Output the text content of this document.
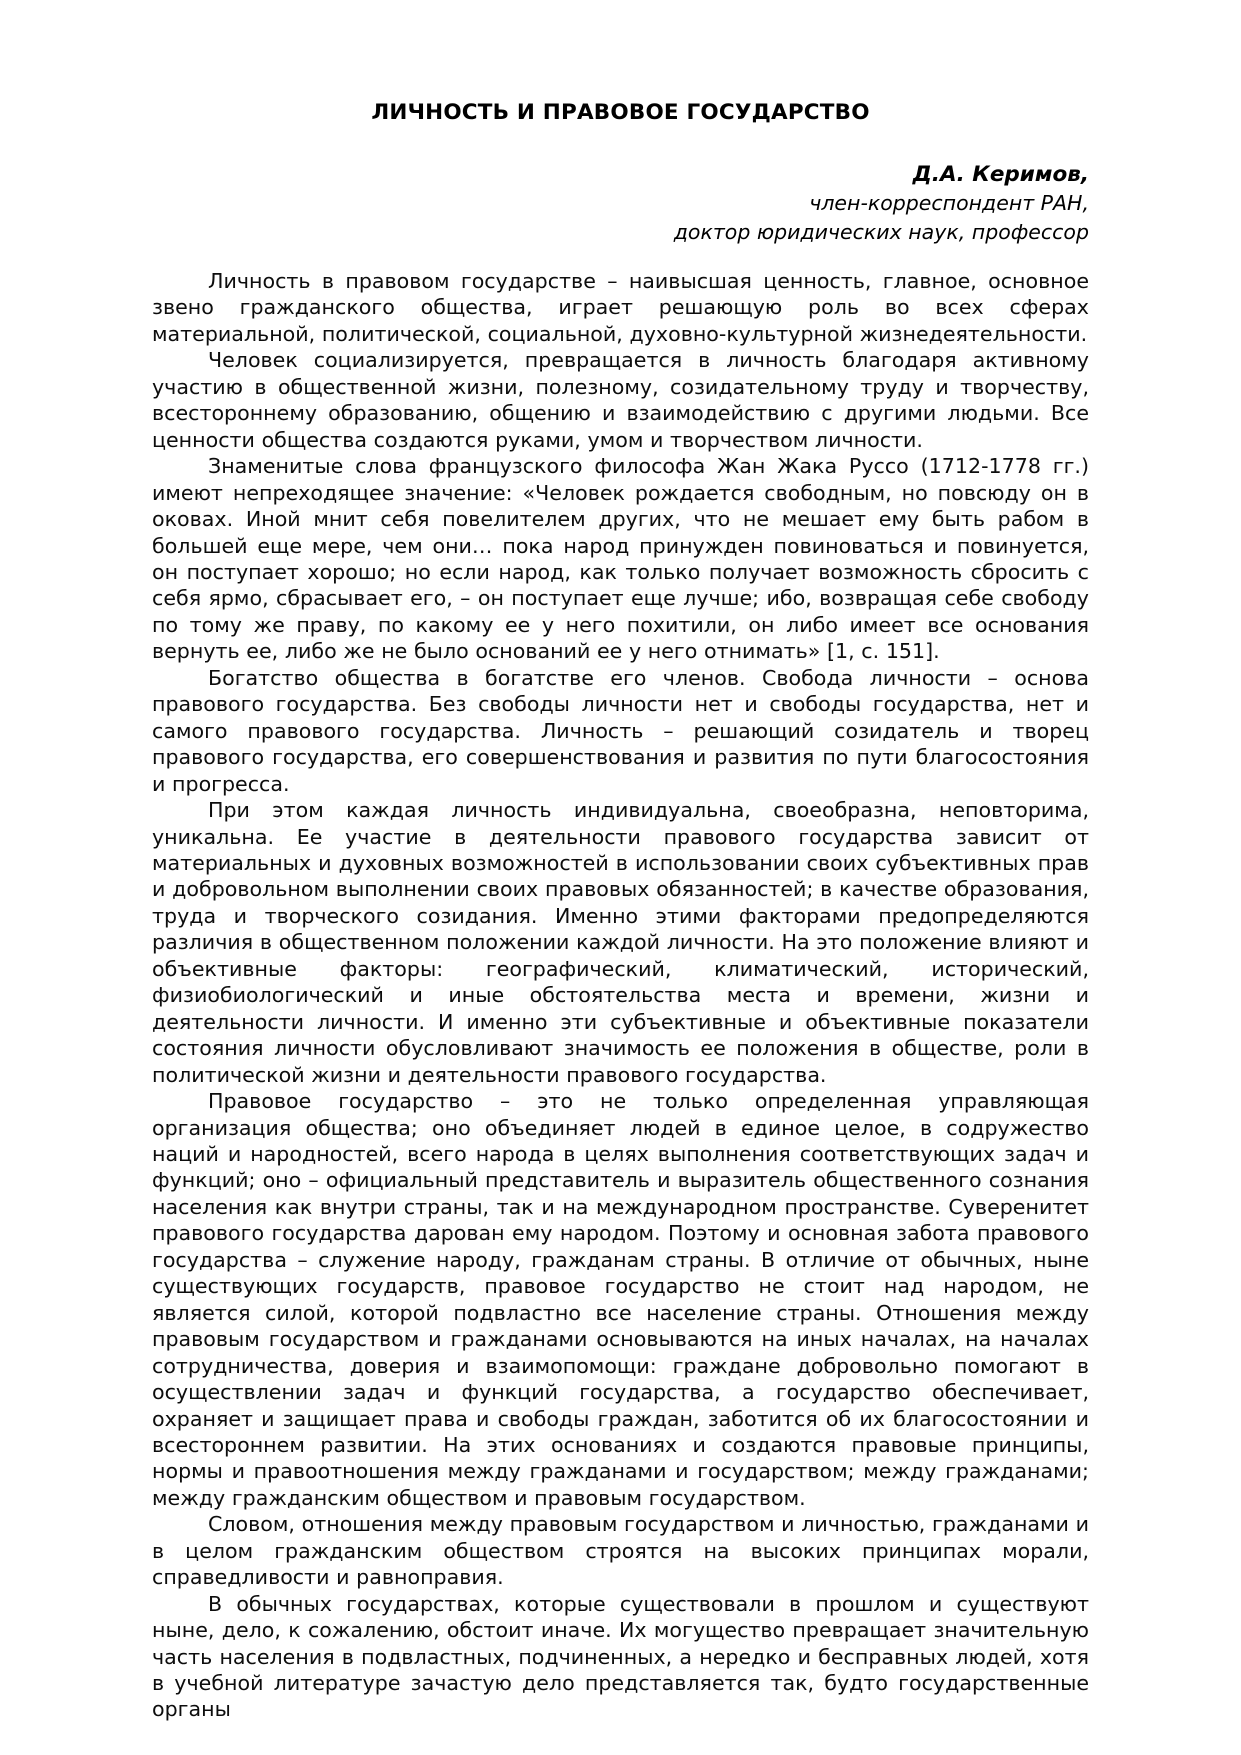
ЛИЧНОСТЬ И ПРАВОВОЕ ГОСУДАРСТВО
Д.А. Керимов,
член-корреспондент РАН,
доктор юридических наук, профессор

Личность в правовом государстве – наивысшая ценность, главное, основное звено гражданского общества, играет решающую роль во всех сферах материальной, политической, социальной, духовно-культурной жизнедеятельности.

Человек социализируется, превращается в личность благодаря активному участию в общественной жизни, полезному, созидательному труду и творчеству, всестороннему образованию, общению и взаимодействию с другими людьми. Все ценности общества создаются руками, умом и творчеством личности.

Знаменитые слова французского философа Жан Жака Руссо (1712-1778 гг.) имеют непреходящее значение: «Человек рождается свободным, но повсюду он в оковах. Иной мнит себя повелителем других, что не мешает ему быть рабом в большей еще мере, чем они… пока народ принужден повиноваться и повинуется, он поступает хорошо; но если народ, как только получает возможность сбросить с себя ярмо, сбрасывает его, – он поступает еще лучше; ибо, возвращая себе свободу по тому же праву, по какому ее у него похитили, он либо имеет все основания вернуть ее, либо же не было оснований ее у него отнимать» [1, с. 151].

Богатство общества в богатстве его членов. Свобода личности – основа правового государства. Без свободы личности нет и свободы государства, нет и самого правового государства. Личность – решающий созидатель и творец правового государства, его совершенствования и развития по пути благосостояния и прогресса.

При этом каждая личность индивидуальна, своеобразна, неповторима, уникальна. Ее участие в деятельности правового государства зависит от материальных и духовных возможностей в использовании своих субъективных прав и добровольном выполнении своих правовых обязанностей; в качестве образования, труда и творческого созидания. Именно этими факторами предопределяются различия в общественном положении каждой личности. На это положение влияют и объективные факторы: географический, климатический, исторический, физиобиологический и иные обстоятельства места и времени, жизни и деятельности личности. И именно эти субъективные и объективные показатели состояния личности обусловливают значимость ее положения в обществе, роли в политической жизни и деятельности правового государства.

Правовое государство – это не только определенная управляющая организация общества; оно объединяет людей в единое целое, в содружество наций и народностей, всего народа в целях выполнения соответствующих задач и функций; оно – официальный представитель и выразитель общественного сознания населения как внутри страны, так и на международном пространстве. Суверенитет правового государства дарован ему народом. Поэтому и основная забота правового государства – служение народу, гражданам страны. В отличие от обычных, ныне существующих государств, правовое государство не стоит над народом, не является силой, которой подвластно все население страны. Отношения между правовым государством и гражданами основываются на иных началах, на началах сотрудничества, доверия и взаимопомощи: граждане добровольно помогают в осуществлении задач и функций государства, а государство обеспечивает, охраняет и защищает права и свободы граждан, заботится об их благосостоянии и всестороннем развитии. На этих основаниях и создаются правовые принципы, нормы и правоотношения между гражданами и государством; между гражданами; между гражданским обществом и правовым государством.

Словом, отношения между правовым государством и личностью, гражданами и в целом гражданским обществом строятся на высоких принципах морали, справедливости и равноправия.

В обычных государствах, которые существовали в прошлом и существуют ныне, дело, к сожалению, обстоит иначе. Их могущество превращает значительную часть населения в подвластных, подчиненных, а нередко и бесправных людей, хотя в учебной литературе зачастую дело представляется так, будто государственные органы
